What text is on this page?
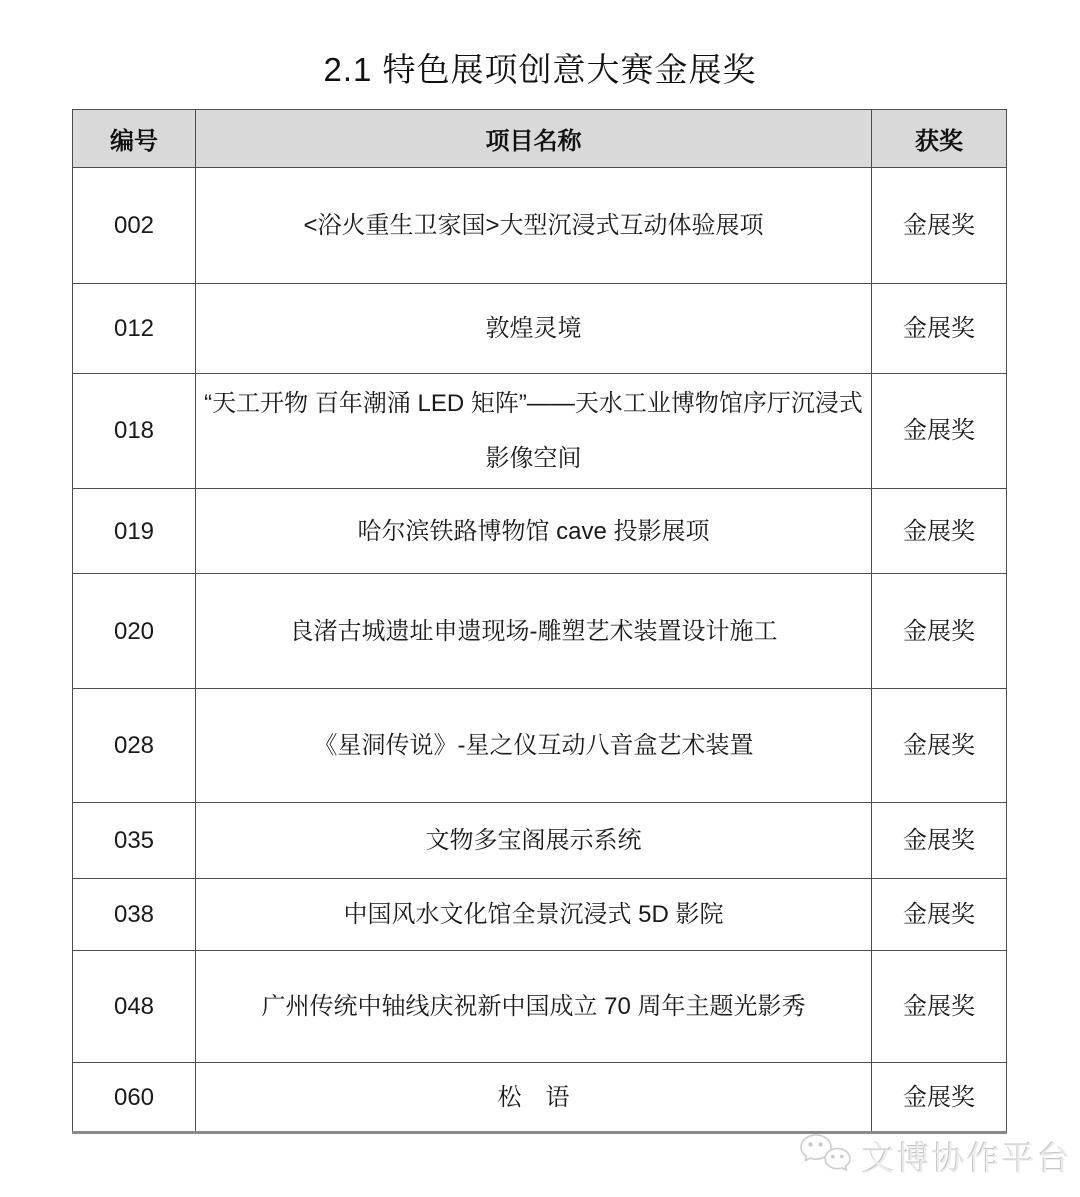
2.1 特色展项创意大赛金展奖
编号	项目名称	获奖
002	<浴火重生卫家国>大型沉浸式互动体验展项	金展奖
012	敦煌灵境	金展奖
018	“天工开物 百年潮涌 LED 矩阵”——天水工业博物馆序厅沉浸式影像空间	金展奖
019	哈尔滨铁路博物馆 cave 投影展项	金展奖
020	良渚古城遗址申遗现场-雕塑艺术装置设计施工	金展奖
028	《星洞传说》-星之仪互动八音盒艺术装置	金展奖
035	文物多宝阁展示系统	金展奖
038	中国风水文化馆全景沉浸式 5D 影院	金展奖
048	广州传统中轴线庆祝新中国成立 70 周年主题光影秀	金展奖
060	松　语	金展奖
文博协作平台
